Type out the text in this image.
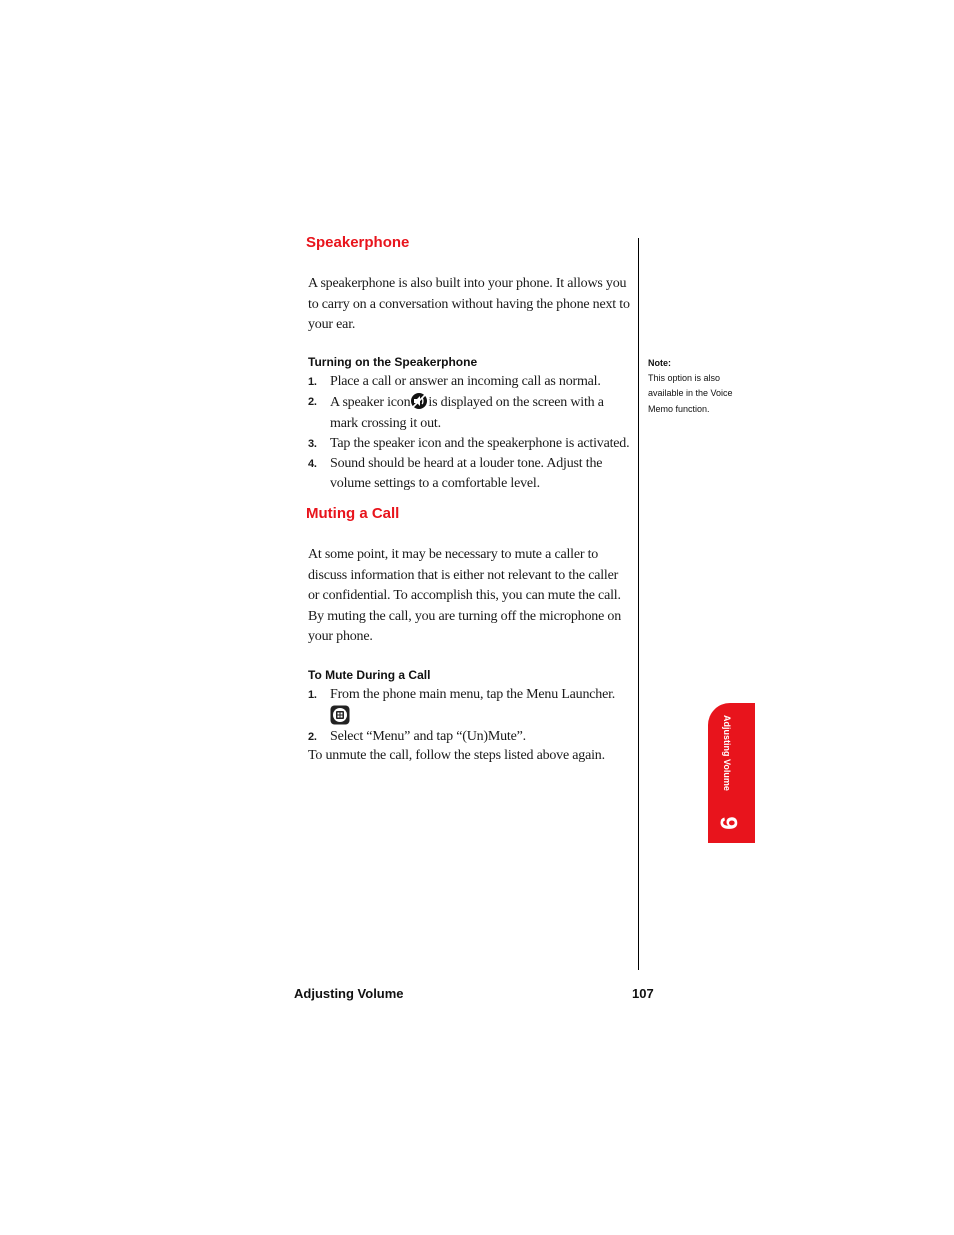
Speakerphone

A speakerphone is also built into your phone. It allows you to carry on a conversation without having the phone next to your ear.

Turning on the Speakerphone
1. Place a call or answer an incoming call as normal.
2. A speaker icon is displayed on the screen with a mark crossing it out.
3. Tap the speaker icon and the speakerphone is activated.
4. Sound should be heard at a louder tone. Adjust the volume settings to a comfortable level.
Muting a Call

At some point, it may be necessary to mute a caller to discuss information that is either not relevant to the caller or confidential. To accomplish this, you can mute the call. By muting the call, you are turning off the microphone on your phone.

To Mute During a Call
1. From the phone main menu, tap the Menu Launcher.
2. Select “Menu” and tap “(Un)Mute”.

To unmute the call, follow the steps listed above again.

Note:
This option is also available in the Voice Memo function.
Adjusting Volume
9
Adjusting Volume	107
